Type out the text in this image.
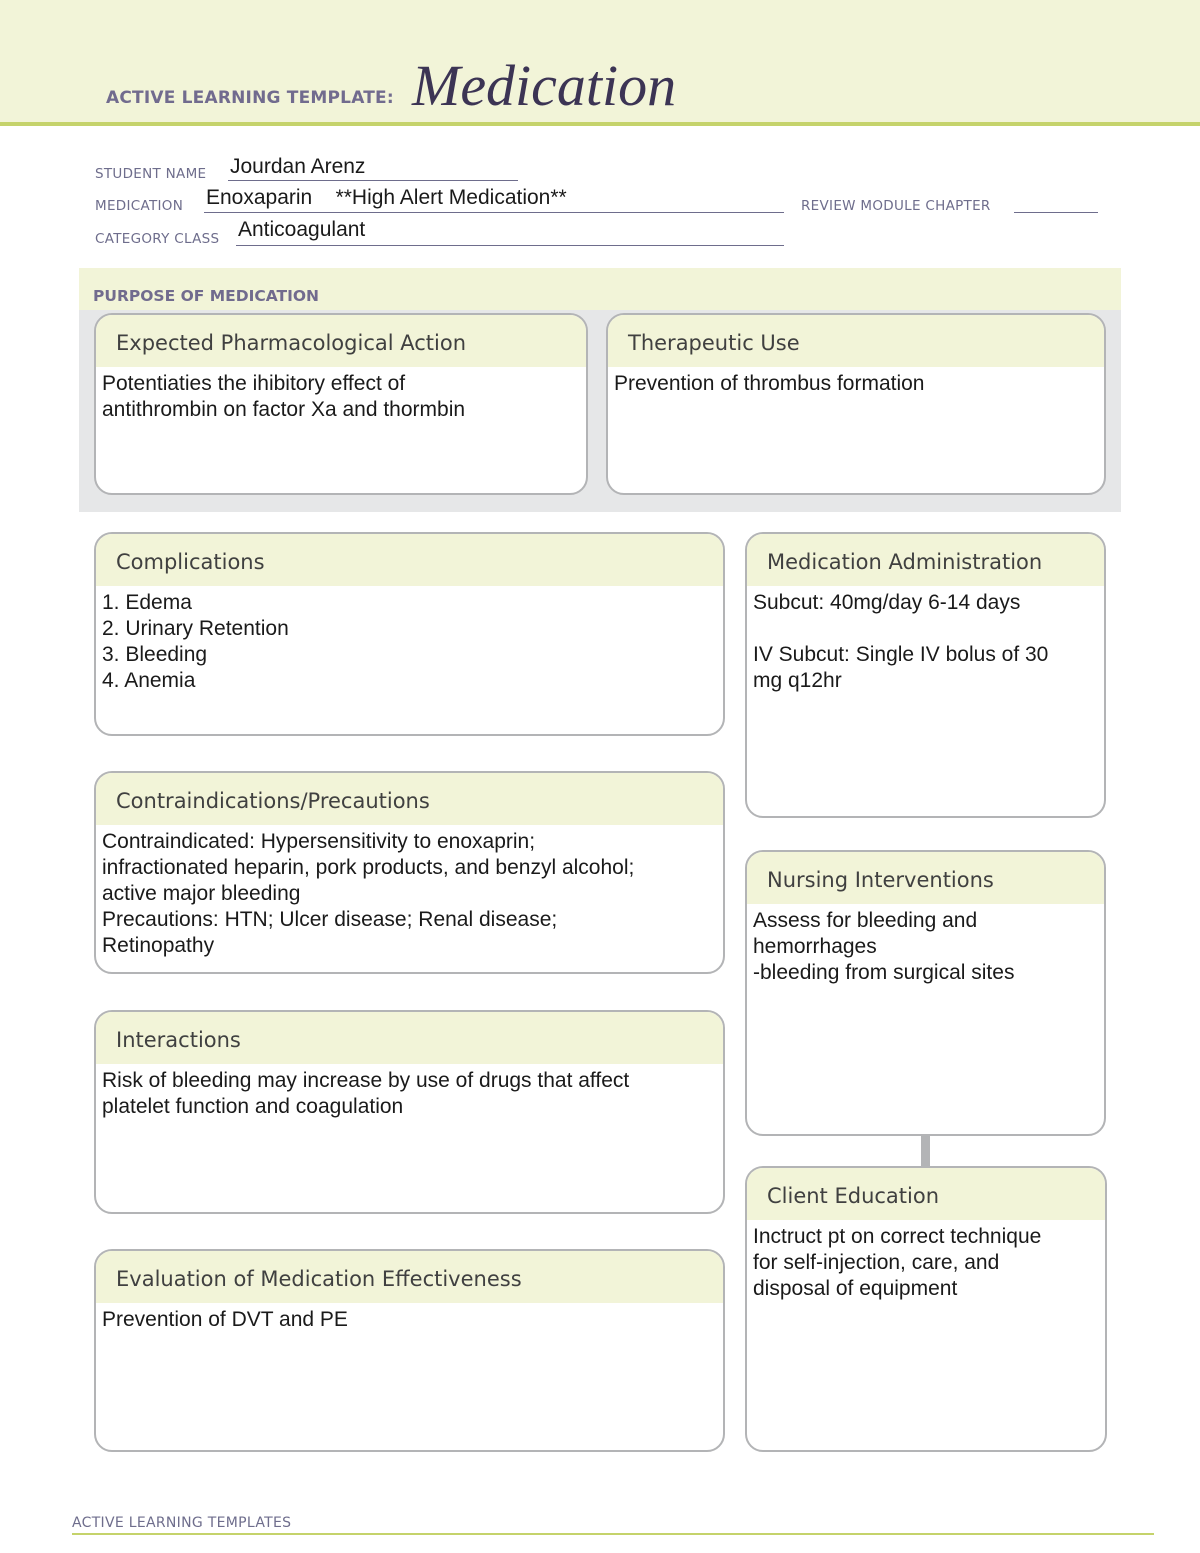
ACTIVE LEARNING TEMPLATE: Medication
STUDENT NAME Jourdan Arenz
MEDICATION Enoxaparin    **High Alert Medication**	REVIEW MODULE CHAPTER
CATEGORY CLASS Anticoagulant
PURPOSE OF MEDICATION
Expected Pharmacological Action
Potentiaties the ihibitory effect of
antithrombin on factor Xa and thormbin
Therapeutic Use
Prevention of thrombus formation
Complications
1. Edema
2. Urinary Retention
3. Bleeding
4. Anemia
Contraindications/Precautions
Contraindicated: Hypersensitivity to enoxaprin;
infractionated heparin, pork products, and benzyl alcohol;
active major bleeding
Precautions: HTN; Ulcer disease; Renal disease;
Retinopathy
Interactions
Risk of bleeding may increase by use of drugs that affect
platelet function and coagulation
Evaluation of Medication Effectiveness
Prevention of DVT and PE
Medication Administration
Subcut: 40mg/day 6-14 days

IV Subcut: Single IV bolus of 30
mg q12hr
Nursing Interventions
Assess for bleeding and
hemorrhages
-bleeding from surgical sites
Client Education
Inctruct pt on correct technique
for self-injection, care, and
disposal of equipment
ACTIVE LEARNING TEMPLATES
